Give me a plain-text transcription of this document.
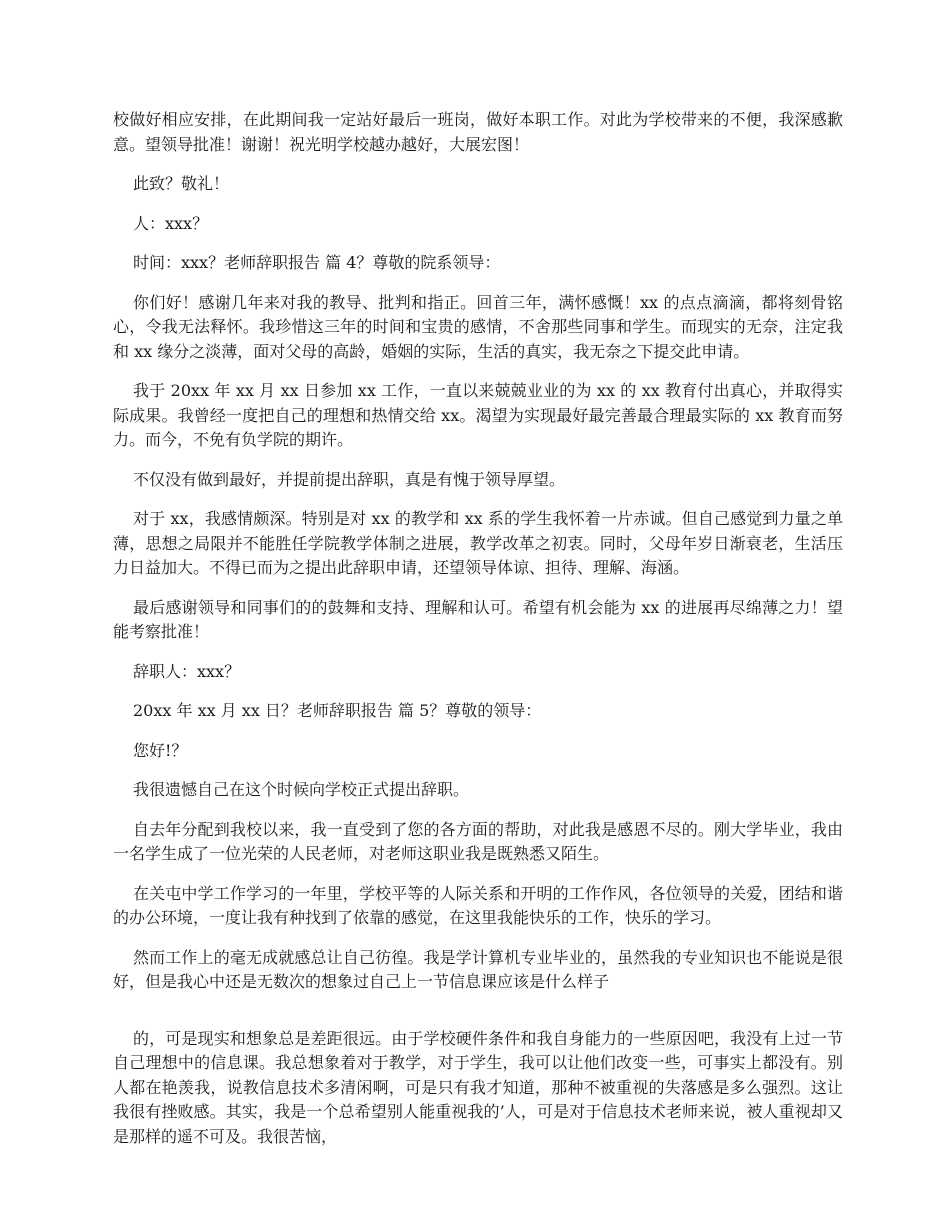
校做好相应安排，在此期间我一定站好最后一班岗，做好本职工作。对此为学校带来的不便，我深感歉意。望领导批准！谢谢！祝光明学校越办越好，大展宏图！

此致？敬礼！

人：xxx？

时间：xxx？老师辞职报告 篇 4？尊敬的院系领导：

你们好！感谢几年来对我的教导、批判和指正。回首三年，满怀感慨！xx 的点点滴滴，都将刻骨铭心，令我无法释怀。我珍惜这三年的时间和宝贵的感情，不舍那些同事和学生。而现实的无奈，注定我和 xx 缘分之淡薄，面对父母的高龄，婚姻的实际，生活的真实，我无奈之下提交此申请。

我于 20xx 年 xx 月 xx 日参加 xx 工作，一直以来兢兢业业的为 xx 的 xx 教育付出真心，并取得实际成果。我曾经一度把自己的理想和热情交给 xx。渴望为实现最好最完善最合理最实际的 xx 教育而努力。而今，不免有负学院的期许。

不仅没有做到最好，并提前提出辞职，真是有愧于领导厚望。

对于 xx，我感情颇深。特别是对 xx 的教学和 xx 系的学生我怀着一片赤诚。但自己感觉到力量之单薄，思想之局限并不能胜任学院教学体制之进展，教学改革之初衷。同时，父母年岁日渐衰老，生活压力日益加大。不得已而为之提出此辞职申请，还望领导体谅、担待、理解、海涵。

最后感谢领导和同事们的的鼓舞和支持、理解和认可。希望有机会能为 xx 的进展再尽绵薄之力！望能考察批准！

辞职人：xxx？

20xx 年 xx 月 xx 日？老师辞职报告 篇 5？尊敬的领导：

您好!？

我很遗憾自己在这个时候向学校正式提出辞职。

自去年分配到我校以来，我一直受到了您的各方面的帮助，对此我是感恩不尽的。刚大学毕业，我由一名学生成了一位光荣的人民老师，对老师这职业我是既熟悉又陌生。

在关屯中学工作学习的一年里，学校平等的人际关系和开明的工作作风，各位领导的关爱，团结和谐的办公环境，一度让我有种找到了依靠的感觉，在这里我能快乐的工作，快乐的学习。

然而工作上的毫无成就感总让自己彷徨。我是学计算机专业毕业的，虽然我的专业知识也不能说是很好，但是我心中还是无数次的想象过自己上一节信息课应该是什么样子

的，可是现实和想象总是差距很远。由于学校硬件条件和我自身能力的一些原因吧，我没有上过一节自己理想中的信息课。我总想象着对于教学，对于学生，我可以让他们改变一些，可事实上都没有。别人都在艳羡我，说教信息技术多清闲啊，可是只有我才知道，那种不被重视的失落感是多么强烈。这让我很有挫败感。其实，我是一个总希望别人能重视我的’人，可是对于信息技术老师来说，被人重视却又是那样的遥不可及。我很苦恼，
